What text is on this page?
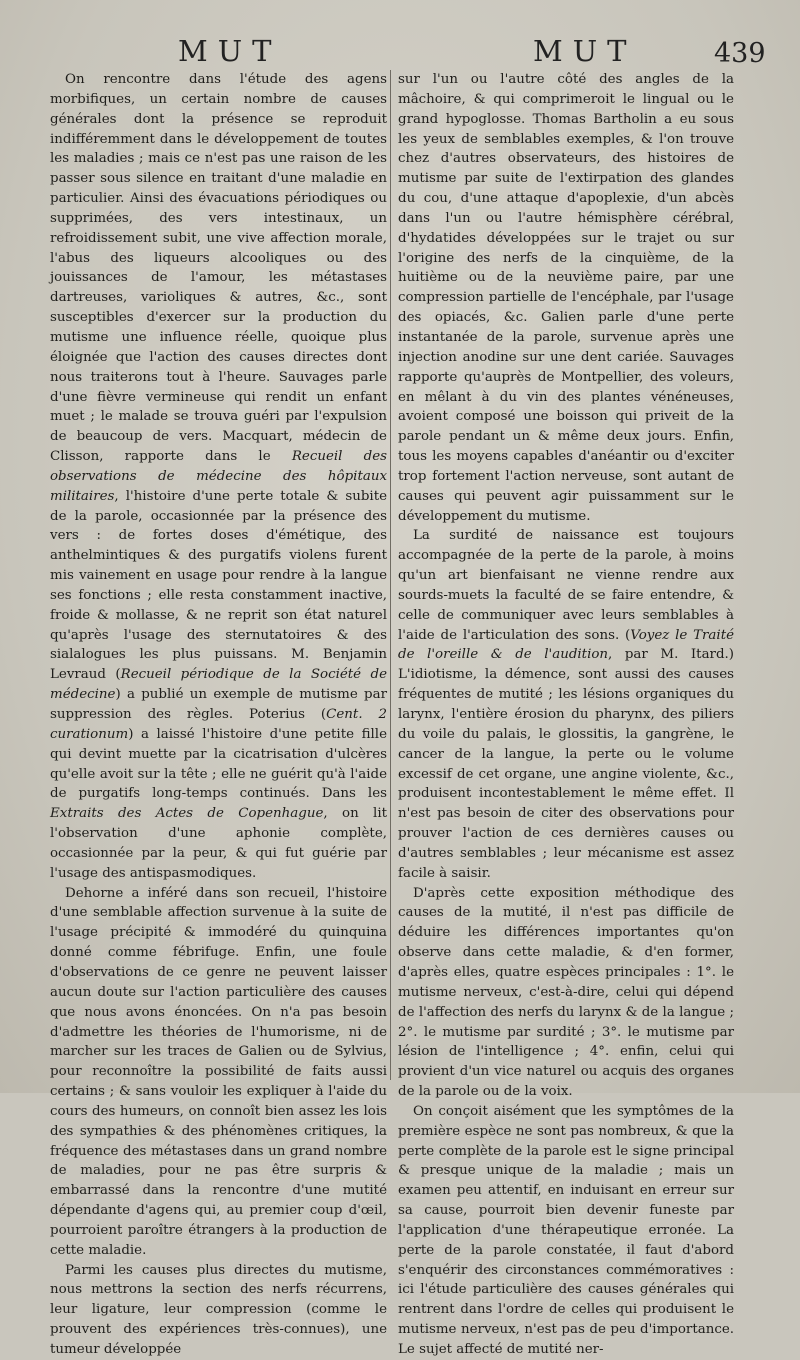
MUT	MUT	439

On rencontre dans l'étude des agens morbifiques, un certain nombre de causes générales dont la présence se reproduit indifféremment dans le développement de toutes les maladies ; mais ce n'est pas une raison de les passer sous silence en traitant d'une maladie en particulier. Ainsi des évacuations périodiques ou supprimées, des vers intestinaux, un refroidissement subit, une vive affection morale, l'abus des liqueurs alcooliques ou des jouissances de l'amour, les métastases dartreuses, varioliques & autres, &c., sont susceptibles d'exercer sur la production du mutisme une influence réelle, quoique plus éloignée que l'action des causes directes dont nous traiterons tout à l'heure. Sauvages parle d'une fièvre vermineuse qui rendit un enfant muet ; le malade se trouva guéri par l'expulsion de beaucoup de vers. Macquart, médecin de Clisson, rapporte dans le Recueil des observations de médecine des hôpitaux militaires, l'histoire d'une perte totale & subite de la parole, occasionnée par la présence des vers : de fortes doses d'émétique, des anthelmintiques & des purgatifs violens furent mis vainement en usage pour rendre à la langue ses fonctions ; elle resta constamment inactive, froide & mollasse, & ne reprit son état naturel qu'après l'usage des sternutatoires & des sialalogues les plus puissans. M. Benjamin Levraud (Recueil périodique de la Société de médecine) a publié un exemple de mutisme par suppression des règles. Poterius (Cent. 2 curationum) a laissé l'histoire d'une petite fille qui devint muette par la cicatrisation d'ulcères qu'elle avoit sur la tête ; elle ne guérit qu'à l'aide de purgatifs long-temps continués. Dans les Extraits des Actes de Copenhague, on lit l'observation d'une aphonie complète, occasionnée par la peur, & qui fut guérie par l'usage des antispasmodiques.

Dehorne a inféré dans son recueil, l'histoire d'une semblable affection survenue à la suite de l'usage précipité & immodéré du quinquina donné comme fébrifuge. Enfin, une foule d'observations de ce genre ne peuvent laisser aucun doute sur l'action particulière des causes que nous avons énoncées. On n'a pas besoin d'admettre les théories de l'humorisme, ni de marcher sur les traces de Galien ou de Sylvius, pour reconnoître la possibilité de faits aussi certains ; & sans vouloir les expliquer à l'aide du cours des humeurs, on connoît bien assez les lois des sympathies & des phénomènes critiques, la fréquence des métastases dans un grand nombre de maladies, pour ne pas être surpris & embarrassé dans la rencontre d'une mutité dépendante d'agens qui, au premier coup d'œil, pourroient paroître étrangers à la production de cette maladie.

Parmi les causes plus directes du mutisme, nous mettrons la section des nerfs récurrens, leur ligature, leur compression (comme le prouvent des expériences très-connues), une tumeur développée

sur l'un ou l'autre côté des angles de la mâchoire, & qui comprimeroit le lingual ou le grand hypoglosse. Thomas Bartholin a eu sous les yeux de semblables exemples, & l'on trouve chez d'autres observateurs, des histoires de mutisme par suite de l'extirpation des glandes du cou, d'une attaque d'apoplexie, d'un abcès dans l'un ou l'autre hémisphère cérébral, d'hydatides développées sur le trajet ou sur l'origine des nerfs de la cinquième, de la huitième ou de la neuvième paire, par une compression partielle de l'encéphale, par l'usage des opiacés, &c. Galien parle d'une perte instantanée de la parole, survenue après une injection anodine sur une dent cariée. Sauvages rapporte qu'auprès de Montpellier, des voleurs, en mêlant à du vin des plantes vénéneuses, avoient composé une boisson qui priveit de la parole pendant un & même deux jours. Enfin, tous les moyens capables d'anéantir ou d'exciter trop fortement l'action nerveuse, sont autant de causes qui peuvent agir puissamment sur le développement du mutisme.

La surdité de naissance est toujours accompagnée de la perte de la parole, à moins qu'un art bienfaisant ne vienne rendre aux sourds-muets la faculté de se faire entendre, & celle de communiquer avec leurs semblables à l'aide de l'articulation des sons. (Voyez le Traité de l'oreille & de l'audition, par M. Itard.) L'idiotisme, la démence, sont aussi des causes fréquentes de mutité ; les lésions organiques du larynx, l'entière érosion du pharynx, des piliers du voile du palais, le glossitis, la gangrène, le cancer de la langue, la perte ou le volume excessif de cet organe, une angine violente, &c., produisent incontestablement le même effet. Il n'est pas besoin de citer des observations pour prouver l'action de ces dernières causes ou d'autres semblables ; leur mécanisme est assez facile à saisir.

D'après cette exposition méthodique des causes de la mutité, il n'est pas difficile de déduire les différences importantes qu'on observe dans cette maladie, & d'en former, d'après elles, quatre espèces principales : 1°. le mutisme nerveux, c'est-à-dire, celui qui dépend de l'affection des nerfs du larynx & de la langue ; 2°. le mutisme par surdité ; 3°. le mutisme par lésion de l'intelligence ; 4°. enfin, celui qui provient d'un vice naturel ou acquis des organes de la parole ou de la voix.

On conçoit aisément que les symptômes de la première espèce ne sont pas nombreux, & que la perte complète de la parole est le signe principal & presque unique de la maladie ; mais un examen peu attentif, en induisant en erreur sur sa cause, pourroit bien devenir funeste par l'application d'une thérapeutique erronée. La perte de la parole constatée, il faut d'abord s'enquérir des circonstances commémoratives : ici l'étude particulière des causes générales qui rentrent dans l'ordre de celles qui produisent le mutisme nerveux, n'est pas de peu d'importance. Le sujet affecté de mutité ner-
